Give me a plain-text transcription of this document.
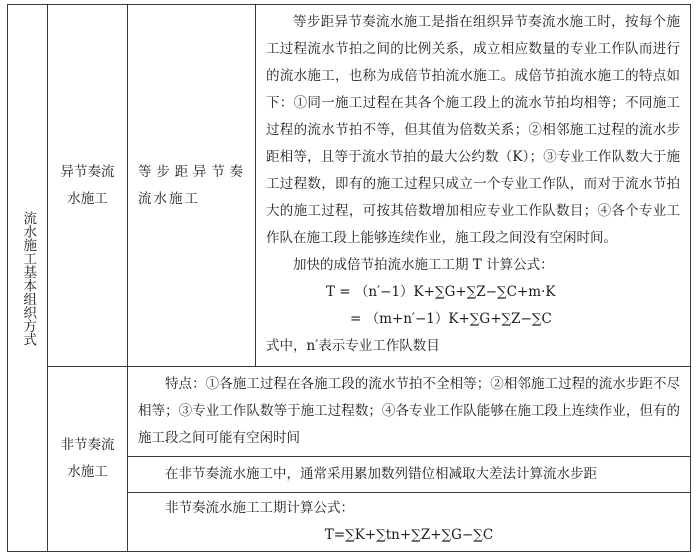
流水施工基本组织方式	异节奏流水施工	等步距异节奏流水施工	等步距异节奏流水施工是指在组织异节奏流水施工时，按每个施工过程流水节拍之间的比例关系，成立相应数量的专业工作队而进行的流水施工，也称为成倍节拍流水施工。成倍节拍流水施工的特点如下：①同一施工过程在其各个施工段上的流水节拍均相等；不同施工过程的流水节拍不等，但其值为倍数关系；②相邻施工过程的流水步距相等，且等于流水节拍的最大公约数（K）；③专业工作队数大于施工过程数，即有的施工过程只成立一个专业工作队，而对于流水节拍大的施工过程，可按其倍数增加相应专业工作队数目；④各个专业工作队在施工段上能够连续作业，施工段之间没有空闲时间。

加快的成倍节拍流水施工工期 T 计算公式：

T = （n′−1）K+∑G+∑Z−∑C+m·K

= （m+n′−1）K+∑G+∑Z−∑C

式中，n′表示专业工作队数目

	非节奏流水施工	特点：①各施工过程在各施工段的流水节拍不全相等；②相邻施工过程的流水步距不尽相等；③专业工作队数等于施工过程数；④各专业工作队能够在施工段上连续作业，但有的施工段之间可能有空闲时间	

		在非节奏流水施工中，通常采用累加数列错位相减取大差法计算流水步距	

		非节奏流水施工工期计算公式：

T=∑K+∑tn+∑Z+∑G−∑C	
